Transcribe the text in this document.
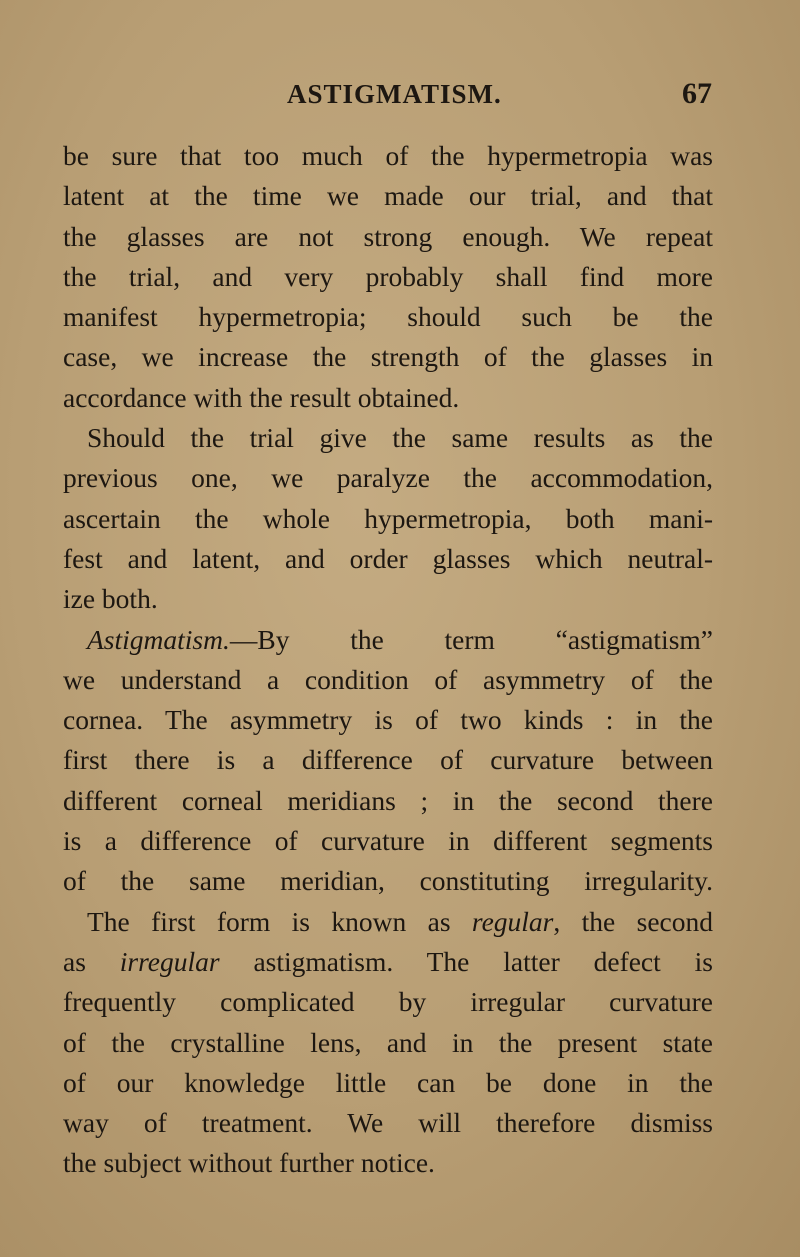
ASTIGMATISM.	67
be sure that too much of the hypermetropia was
latent at the time we made our trial, and that
the glasses are not strong enough. We repeat
the trial, and very probably shall find more
manifest hypermetropia; should such be the
case, we increase the strength of the glasses in
accordance with the result obtained.
Should the trial give the same results as the
previous one, we paralyze the accommodation,
ascertain the whole hypermetropia, both mani-
fest and latent, and order glasses which neutral-
ize both.
Astigmatism.—By the term “astigmatism”
we understand a condition of asymmetry of the
cornea. The asymmetry is of two kinds : in the
first there is a difference of curvature between
different corneal meridians ; in the second there
is a difference of curvature in different segments
of the same meridian, constituting irregularity.
The first form is known as regular, the second
as irregular astigmatism. The latter defect is
frequently complicated by irregular curvature
of the crystalline lens, and in the present state
of our knowledge little can be done in the
way of treatment. We will therefore dismiss
the subject without further notice.
